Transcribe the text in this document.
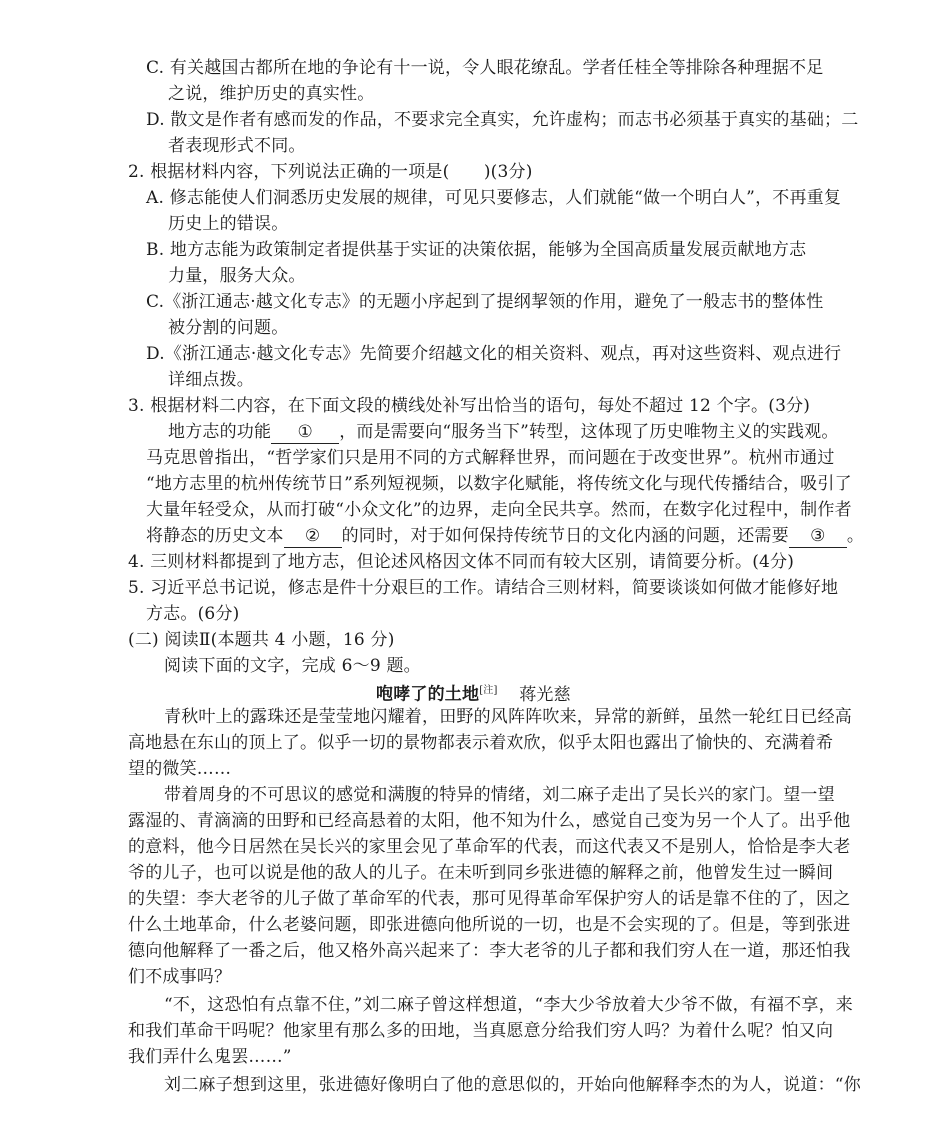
C. 有关越国古都所在地的争论有十一说，令人眼花缭乱。学者任桂全等排除各种理据不足
之说，维护历史的真实性。
D. 散文是作者有感而发的作品，不要求完全真实，允许虚构；而志书必须基于真实的基础；二
者表现形式不同。
2. 根据材料内容，下列说法正确的一项是(　　)(3分)
A. 修志能使人们洞悉历史发展的规律，可见只要修志，人们就能“做一个明白人”，不再重复
历史上的错误。
B. 地方志能为政策制定者提供基于实证的决策依据，能够为全国高质量发展贡献地方志
力量，服务大众。
C.《浙江通志·越文化专志》的无题小序起到了提纲挈领的作用，避免了一般志书的整体性
被分割的问题。
D.《浙江通志·越文化专志》先简要介绍越文化的相关资料、观点，再对这些资料、观点进行
详细点拨。
3. 根据材料二内容，在下面文段的横线处补写出恰当的语句，每处不超过 12 个字。(3分)
地方志的功能 ① ，而是需要向“服务当下”转型，这体现了历史唯物主义的实践观。
马克思曾指出，“哲学家们只是用不同的方式解释世界，而问题在于改变世界”。杭州市通过
“地方志里的杭州传统节日”系列短视频，以数字化赋能，将传统文化与现代传播结合，吸引了
大量年轻受众，从而打破“小众文化”的边界，走向全民共享。然而，在数字化过程中，制作者
将静态的历史文本 ② 的同时，对于如何保持传统节日的文化内涵的问题，还需要 ③ 。
4. 三则材料都提到了地方志，但论述风格因文体不同而有较大区别，请简要分析。(4分)
5. 习近平总书记说，修志是件十分艰巨的工作。请结合三则材料，简要谈谈如何做才能修好地
方志。(6分)
(二) 阅读Ⅱ(本题共 4 小题，16 分)
阅读下面的文字，完成 6～9 题。
咆哮了的土地[注] 蒋光慈
青秋叶上的露珠还是莹莹地闪耀着，田野的风阵阵吹来，异常的新鲜，虽然一轮红日已经高
高地悬在东山的顶上了。似乎一切的景物都表示着欢欣，似乎太阳也露出了愉快的、充满着希
望的微笑……
带着周身的不可思议的感觉和满腹的特异的情绪，刘二麻子走出了吴长兴的家门。望一望
露湿的、青滴滴的田野和已经高悬着的太阳，他不知为什么，感觉自己变为另一个人了。出乎他
的意料，他今日居然在吴长兴的家里会见了革命军的代表，而这代表又不是别人，恰恰是李大老
爷的儿子，也可以说是他的敌人的儿子。在未听到同乡张进德的解释之前，他曾发生过一瞬间
的失望：李大老爷的儿子做了革命军的代表，那可见得革命军保护穷人的话是靠不住的了，因之
什么土地革命，什么老婆问题，即张进德向他所说的一切，也是不会实现的了。但是，等到张进
德向他解释了一番之后，他又格外高兴起来了：李大老爷的儿子都和我们穷人在一道，那还怕我
们不成事吗？
“不，这恐怕有点靠不住，”刘二麻子曾这样想道，“李大少爷放着大少爷不做，有福不享，来
和我们革命干吗呢？他家里有那么多的田地，当真愿意分给我们穷人吗？为着什么呢？怕又向
我们弄什么鬼罢……”
刘二麻子想到这里，张进德好像明白了他的意思似的，开始向他解释李杰的为人，说道：“你
